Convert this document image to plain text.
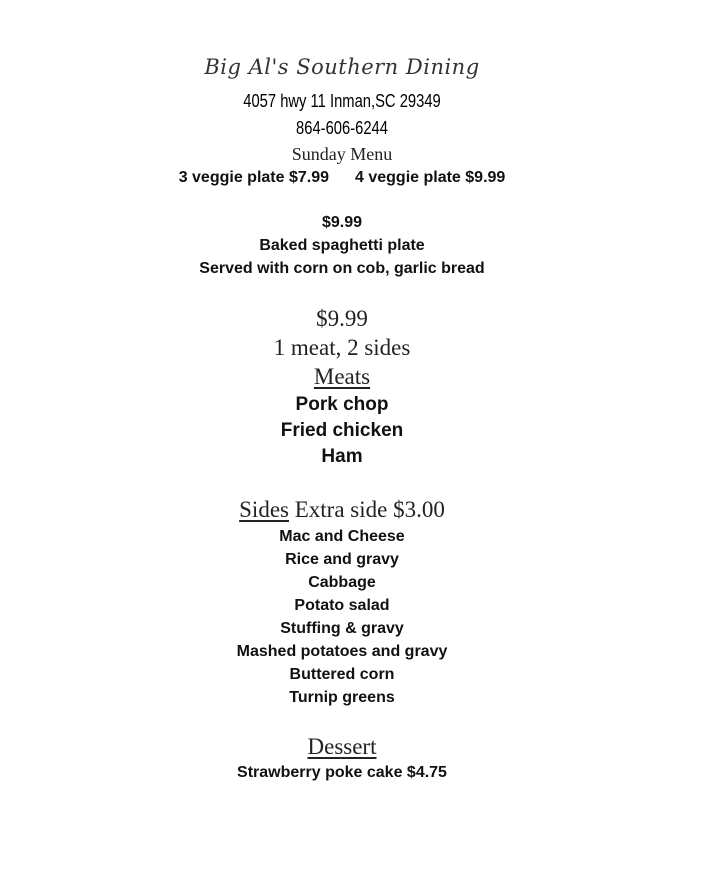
Big Al's Southern Dining
4057 hwy 11 Inman,SC 29349
864-606-6244
Sunday Menu
3 veggie plate $7.99 4 veggie plate $9.99
$9.99
Baked spaghetti plate
Served with corn on cob, garlic bread
$9.99
1 meat, 2 sides
Meats
Pork chop
Fried chicken
Ham
Sides Extra side $3.00
Mac and Cheese
Rice and gravy
Cabbage
Potato salad
Stuffing & gravy
Mashed potatoes and gravy
Buttered corn
Turnip greens
Dessert
Strawberry poke cake $4.75
